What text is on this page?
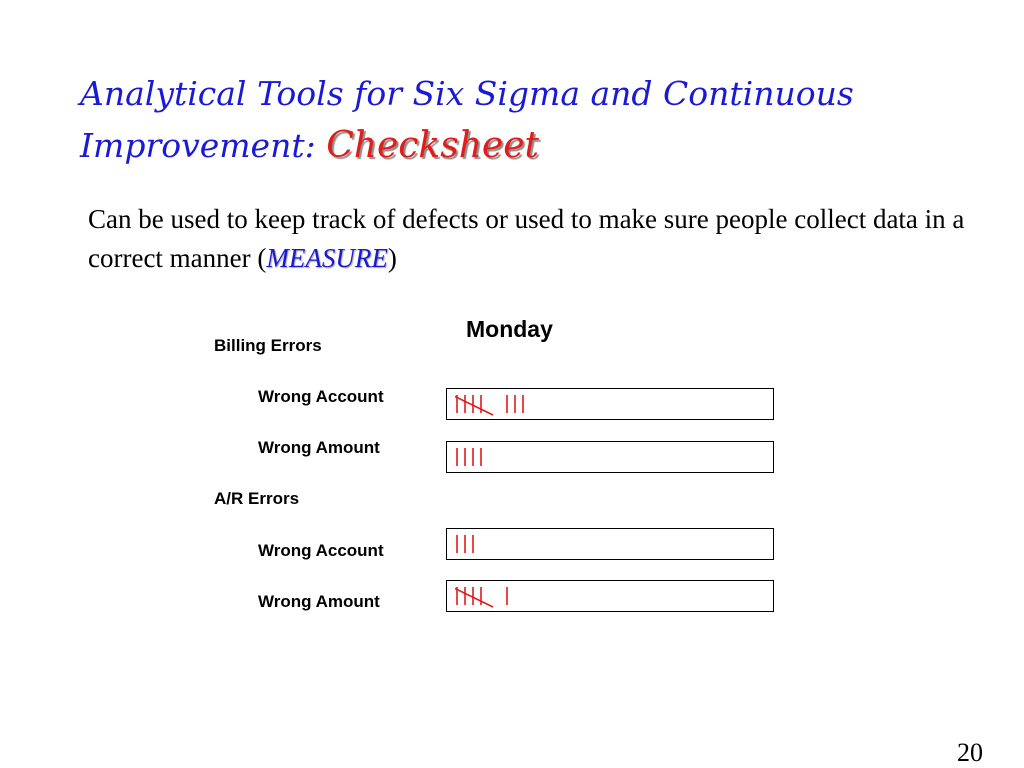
Analytical Tools for Six Sigma and Continuous Improvement: Checksheet

Can be used to keep track of defects or used to make sure people collect data in a correct manner (MEASURE)

Monday
Billing Errors
Wrong Account
Wrong Amount
A/R Errors
Wrong Account
Wrong Amount
20
